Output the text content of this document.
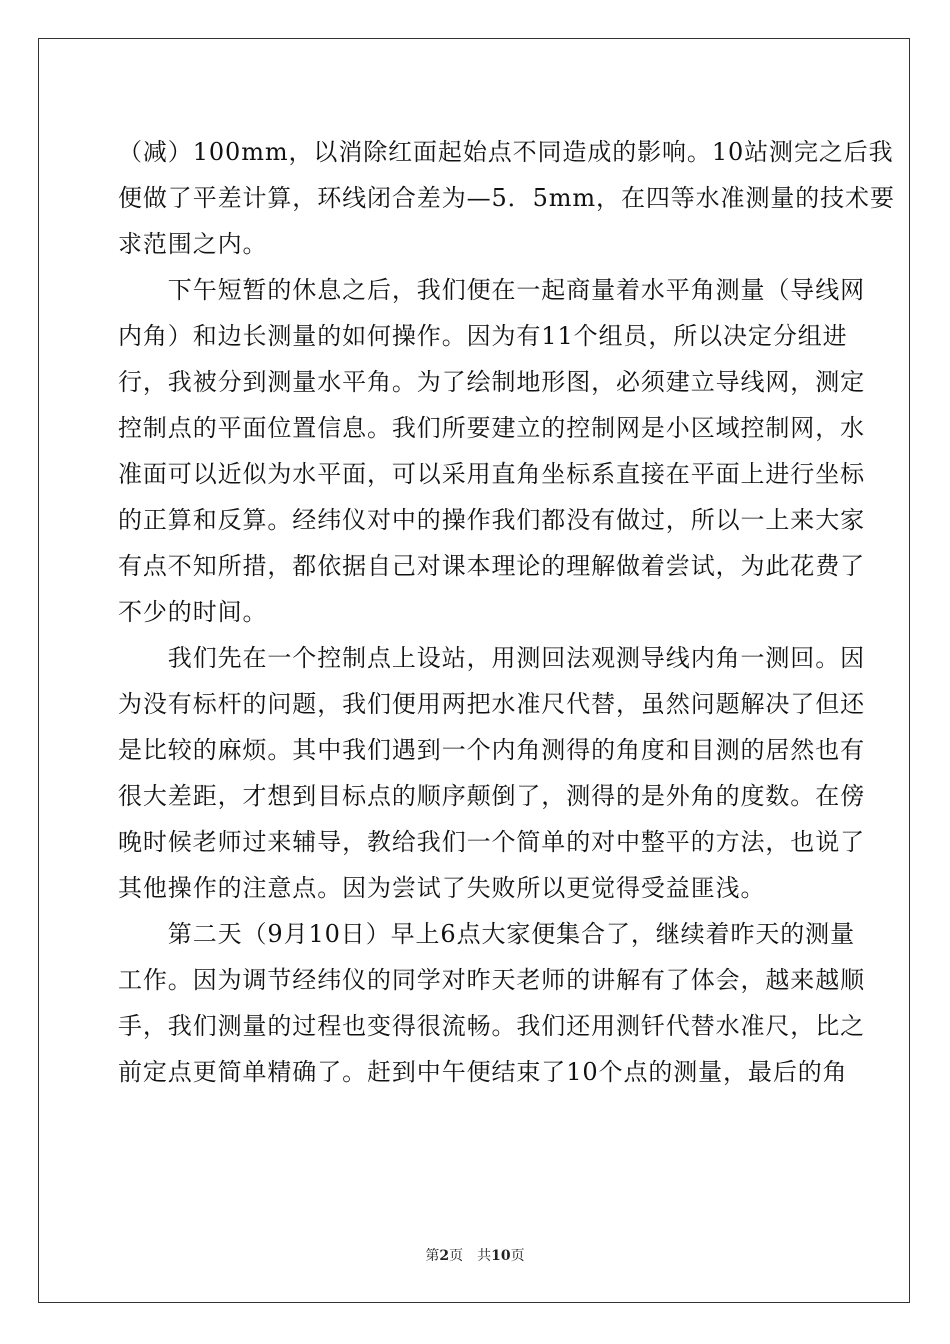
（减）100mm，以消除红面起始点不同造成的影响。10站测完之后我
便做了平差计算，环线闭合差为—5．5mm，在四等水准测量的技术要
求范围之内。
　　下午短暂的休息之后，我们便在一起商量着水平角测量（导线网
内角）和边长测量的如何操作。因为有11个组员，所以决定分组进
行，我被分到测量水平角。为了绘制地形图，必须建立导线网，测定
控制点的平面位置信息。我们所要建立的控制网是小区域控制网，水
准面可以近似为水平面，可以采用直角坐标系直接在平面上进行坐标
的正算和反算。经纬仪对中的操作我们都没有做过，所以一上来大家
有点不知所措，都依据自己对课本理论的理解做着尝试，为此花费了
不少的时间。
　　我们先在一个控制点上设站，用测回法观测导线内角一测回。因
为没有标杆的问题，我们便用两把水准尺代替，虽然问题解决了但还
是比较的麻烦。其中我们遇到一个内角测得的角度和目测的居然也有
很大差距，才想到目标点的顺序颠倒了，测得的是外角的度数。在傍
晚时候老师过来辅导，教给我们一个简单的对中整平的方法，也说了
其他操作的注意点。因为尝试了失败所以更觉得受益匪浅。
　　第二天（9月10日）早上6点大家便集合了，继续着昨天的测量
工作。因为调节经纬仪的同学对昨天老师的讲解有了体会，越来越顺
手，我们测量的过程也变得很流畅。我们还用测钎代替水准尺，比之
前定点更简单精确了。赶到中午便结束了10个点的测量，最后的角
第2页　共10页
